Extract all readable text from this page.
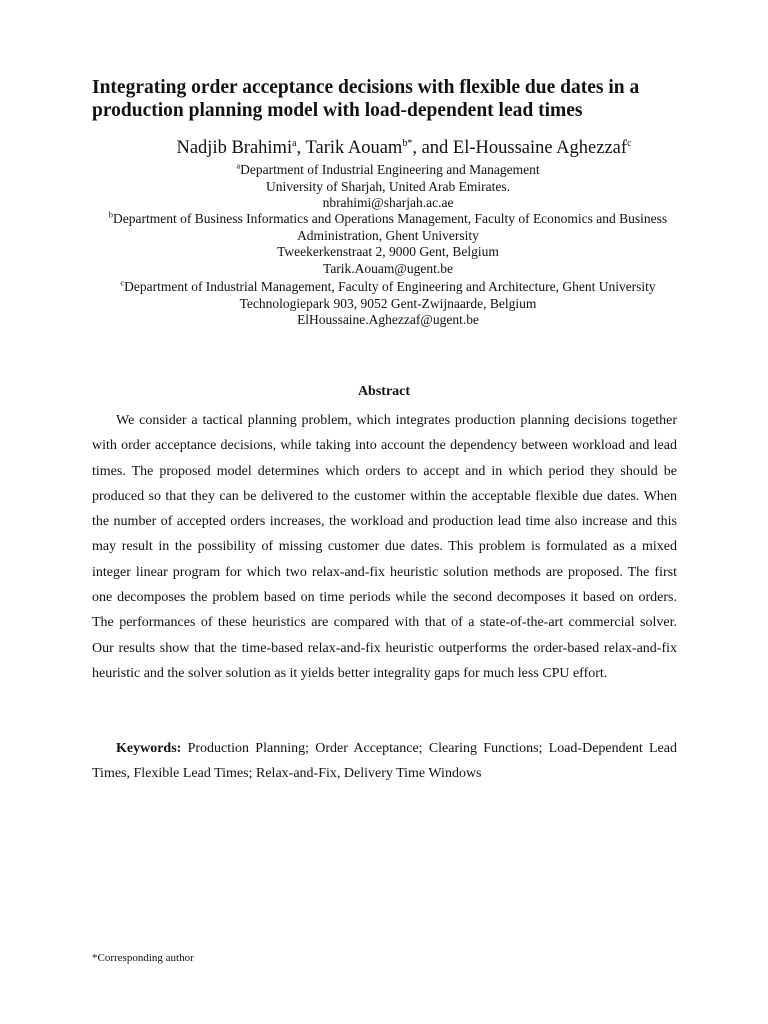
Integrating order acceptance decisions with flexible due dates in a production planning model with load-dependent lead times
Nadjib Brahimi$^a$, Tarik Aouam$^{b*}$, and El-Houssaine Aghezzaf$^c$
$^a$Department of Industrial Engineering and Management
University of Sharjah, United Arab Emirates.
nbrahimi@sharjah.ac.ae
$^b$Department of Business Informatics and Operations Management, Faculty of Economics and Business Administration, Ghent University
Tweekerkenstraat 2, 9000 Gent, Belgium
Tarik.Aouam@ugent.be
$^c$Department of Industrial Management, Faculty of Engineering and Architecture, Ghent University
Technologiepark 903, 9052 Gent-Zwijnaarde, Belgium
ElHoussaine.Aghezzaf@ugent.be
Abstract

We consider a tactical planning problem, which integrates production planning decisions together with order acceptance decisions, while taking into account the dependency between workload and lead times. The proposed model determines which orders to accept and in which period they should be produced so that they can be delivered to the customer within the acceptable flexible due dates. When the number of accepted orders increases, the workload and production lead time also increase and this may result in the possibility of missing customer due dates. This problem is formulated as a mixed integer linear program for which two relax-and-fix heuristic solution methods are proposed. The first one decomposes the problem based on time periods while the second decomposes it based on orders. The performances of these heuristics are compared with that of a state-of-the-art commercial solver. Our results show that the time-based relax-and-fix heuristic outperforms the order-based relax-and-fix heuristic and the solver solution as it yields better integrality gaps for much less CPU effort.

Keywords: Production Planning; Order Acceptance; Clearing Functions; Load-Dependent Lead Times, Flexible Lead Times; Relax-and-Fix, Delivery Time Windows

*Corresponding author
